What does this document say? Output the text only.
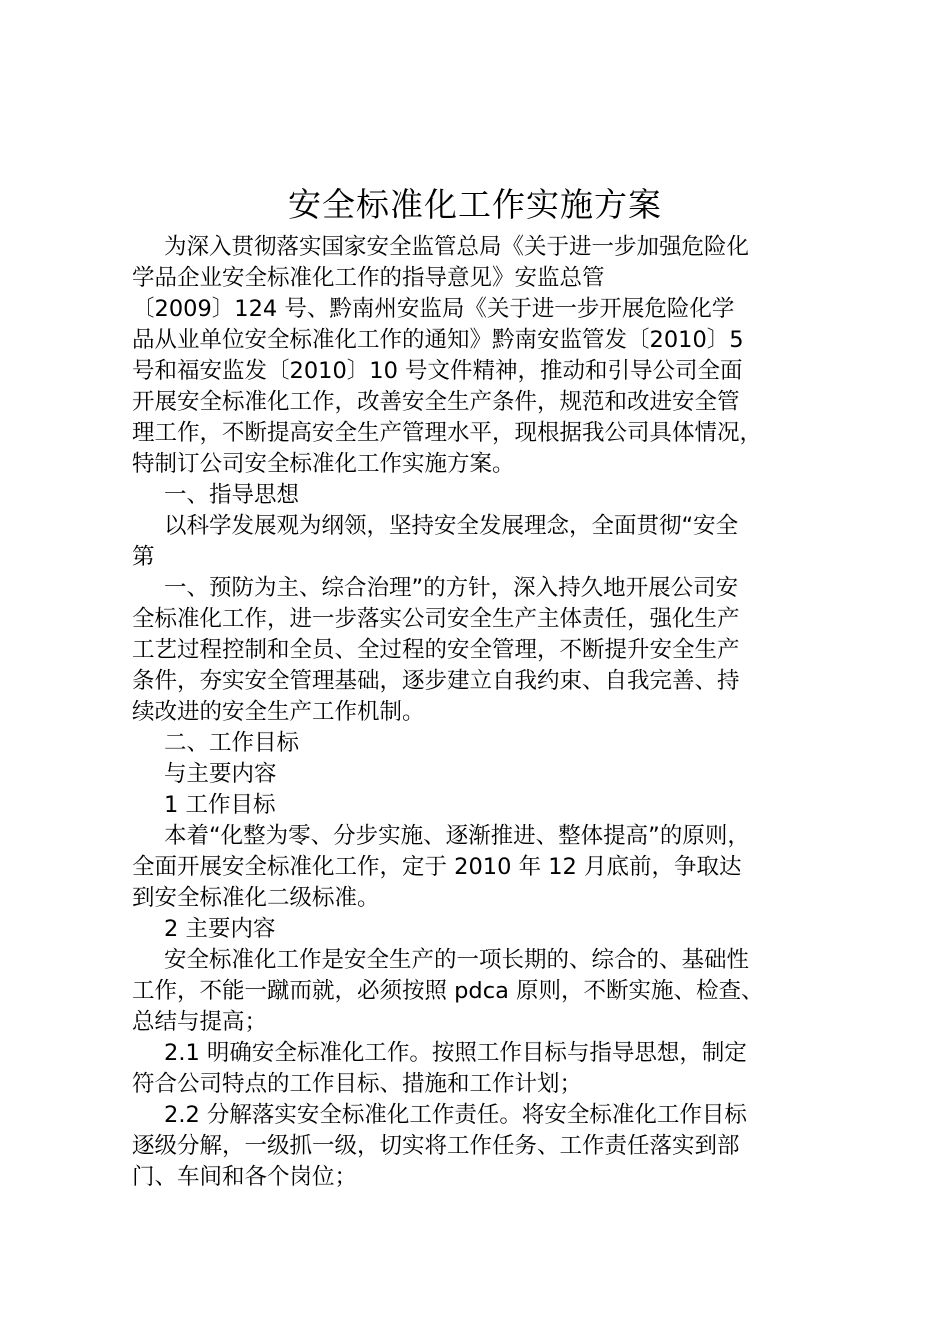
安全标准化工作实施方案
为深入贯彻落实国家安全监管总局《关于进一步加强危险化
学品企业安全标准化工作的指导意见》安监总管
〔2009〕124 号、黔南州安监局《关于进一步开展危险化学
品从业单位安全标准化工作的通知》黔南安监管发〔2010〕5
号和福安监发〔2010〕10 号文件精神，推动和引导公司全面
开展安全标准化工作，改善安全生产条件，规范和改进安全管
理工作，不断提高安全生产管理水平，现根据我公司具体情况，
特制订公司安全标准化工作实施方案。
一、指导思想
以科学发展观为纲领，坚持安全发展理念，全面贯彻“安全
第
一、预防为主、综合治理”的方针，深入持久地开展公司安
全标准化工作，进一步落实公司安全生产主体责任，强化生产
工艺过程控制和全员、全过程的安全管理，不断提升安全生产
条件，夯实安全管理基础，逐步建立自我约束、自我完善、持
续改进的安全生产工作机制。
二、工作目标
与主要内容
1 工作目标
本着“化整为零、分步实施、逐渐推进、整体提高”的原则，
全面开展安全标准化工作，定于 2010 年 12 月底前，争取达
到安全标准化二级标准。
2 主要内容
安全标准化工作是安全生产的一项长期的、综合的、基础性
工作，不能一蹴而就，必须按照 pdca 原则，不断实施、检查、
总结与提高；
2.1 明确安全标准化工作。按照工作目标与指导思想，制定
符合公司特点的工作目标、措施和工作计划；
2.2 分解落实安全标准化工作责任。将安全标准化工作目标
逐级分解，一级抓一级，切实将工作任务、工作责任落实到部
门、车间和各个岗位；
